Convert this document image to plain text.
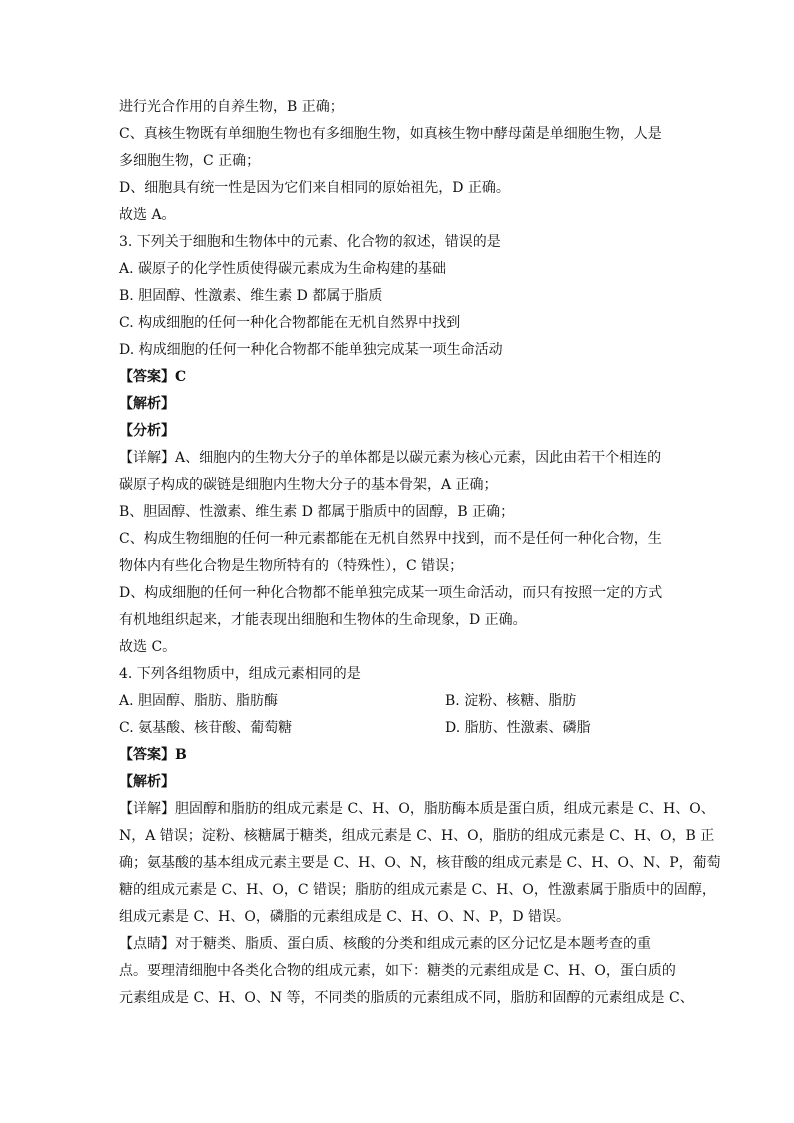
进行光合作用的自养生物，B 正确；
C、真核生物既有单细胞生物也有多细胞生物，如真核生物中酵母菌是单细胞生物，人是
多细胞生物，C 正确；
D、细胞具有统一性是因为它们来自相同的原始祖先，D 正确。
故选 A。
3. 下列关于细胞和生物体中的元素、化合物的叙述，错误的是
A. 碳原子的化学性质使得碳元素成为生命构建的基础
B. 胆固醇、性激素、维生素 D 都属于脂质
C. 构成细胞的任何一种化合物都能在无机自然界中找到
D. 构成细胞的任何一种化合物都不能单独完成某一项生命活动
【答案】C
【解析】
【分析】
【详解】A、细胞内的生物大分子的单体都是以碳元素为核心元素，因此由若干个相连的
碳原子构成的碳链是细胞内生物大分子的基本骨架，A 正确；
B、胆固醇、性激素、维生素 D 都属于脂质中的固醇，B 正确；
C、构成生物细胞的任何一种元素都能在无机自然界中找到，而不是任何一种化合物，生
物体内有些化合物是生物所特有的（特殊性），C 错误；
D、构成细胞的任何一种化合物都不能单独完成某一项生命活动，而只有按照一定的方式
有机地组织起来，才能表现出细胞和生物体的生命现象，D 正确。
故选 C。
4. 下列各组物质中，组成元素相同的是
A. 胆固醇、脂肪、脂肪酶	B. 淀粉、核糖、脂肪
C. 氨基酸、核苷酸、葡萄糖	D. 脂肪、性激素、磷脂
【答案】B
【解析】
【详解】胆固醇和脂肪的组成元素是 C、H、O，脂肪酶本质是蛋白质，组成元素是 C、H、O、
N，A 错误；淀粉、核糖属于糖类，组成元素是 C、H、O，脂肪的组成元素是 C、H、O，B 正
确；氨基酸的基本组成元素主要是 C、H、O、N，核苷酸的组成元素是 C、H、O、N、P，葡萄
糖的组成元素是 C、H、O，C 错误；脂肪的组成元素是 C、H、O，性激素属于脂质中的固醇，
组成元素是 C、H、O，磷脂的元素组成是 C、H、O、N、P，D 错误。
【点睛】对于糖类、脂质、蛋白质、核酸的分类和组成元素的区分记忆是本题考查的重
点。要理清细胞中各类化合物的组成元素，如下：糖类的元素组成是 C、H、O，蛋白质的
元素组成是 C、H、O、N 等，不同类的脂质的元素组成不同，脂肪和固醇的元素组成是 C、
